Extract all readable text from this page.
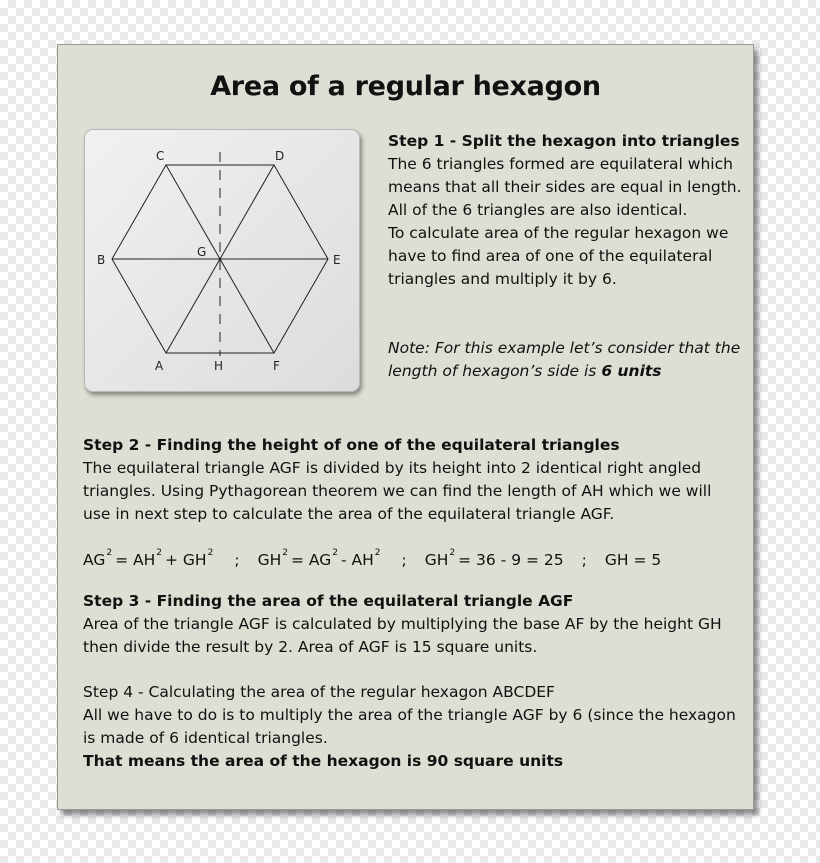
Area of a regular hexagon
C	D
B	E
G
A	H	F
Step 1 - Split the hexagon into triangles
The 6 triangles formed are equilateral which
means that all their sides are equal in length.
All of the 6 triangles are also identical.
To calculate area of the regular hexagon we
have to find area of one of the equilateral
triangles and multiply it by 6.
Note: For this example let’s consider that the
length of hexagon’s side is 6 units
Step 2 - Finding the height of one of the equilateral triangles
The equilateral triangle AGF is divided by its height into 2 identical right angled
triangles. Using Pythagorean theorem we can find the length of AH which we will
use in next step to calculate the area of the equilateral triangle AGF.
$AG^2 = AH^2 + GH^2$ ; $GH^2 = AG^2 - AH^2$ ; $GH^2 = 36 - 9 = 25$ ; GH = 5
Step 3 - Finding the area of the equilateral triangle AGF
Area of the triangle AGF is calculated by multiplying the base AF by the height GH
then divide the result by 2. Area of AGF is 15 square units.
Step 4 - Calculating the area of the regular hexagon ABCDEF
All we have to do is to multiply the area of the triangle AGF by 6 (since the hexagon
is made of 6 identical triangles.
That means the area of the hexagon is 90 square units
